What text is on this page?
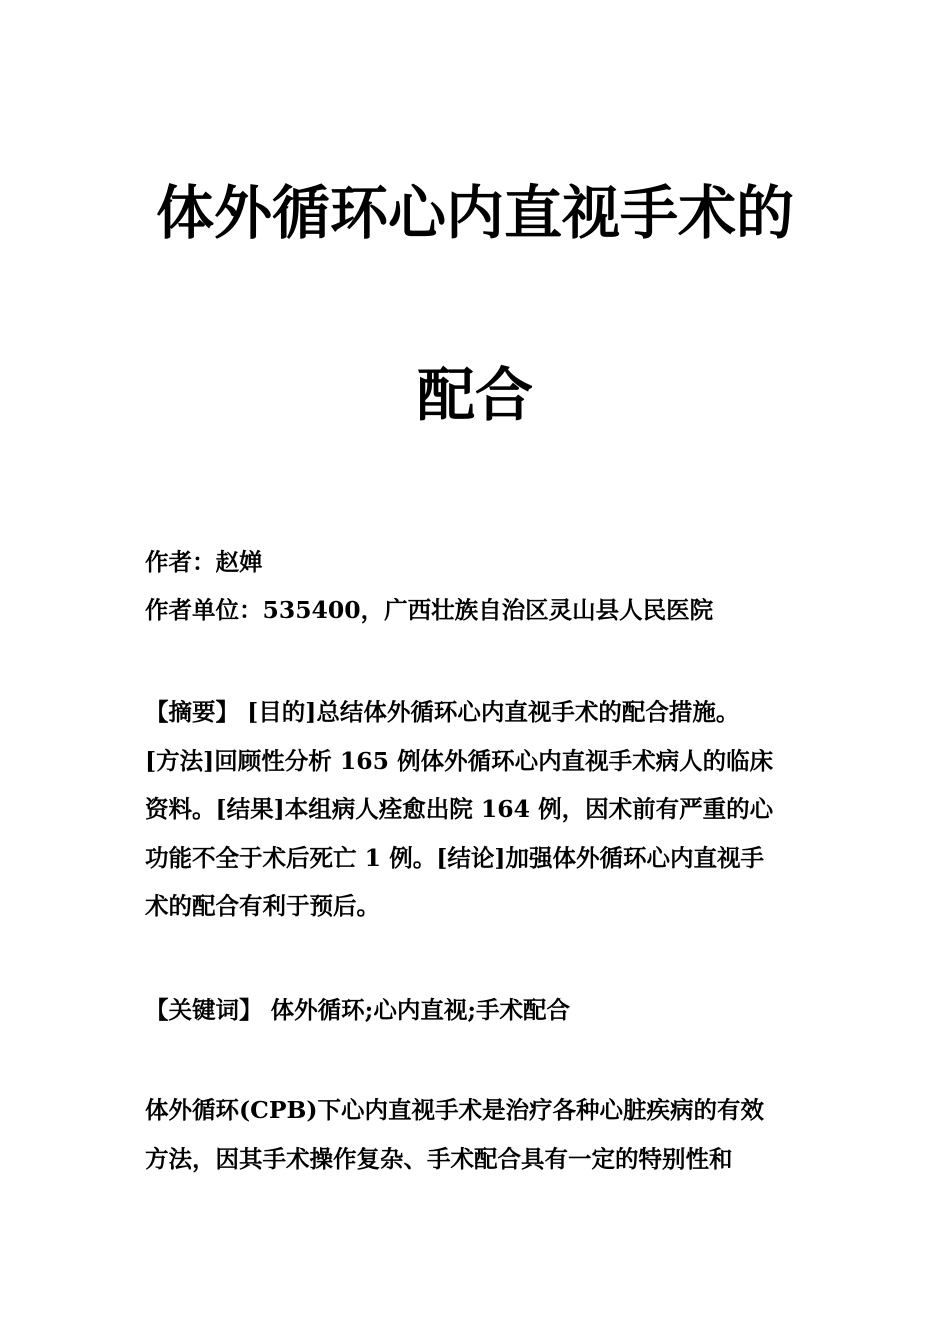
体外循环心内直视手术的
配合
作者：赵婵
作者单位：535400，广西壮族自治区灵山县人民医院
【摘要】 [目的]总结体外循环心内直视手术的配合措施。
[方法]回顾性分析 165 例体外循环心内直视手术病人的临床
资料。[结果]本组病人痊愈出院 164 例，因术前有严重的心
功能不全于术后死亡 1 例。[结论]加强体外循环心内直视手
术的配合有利于预后。
【关键词】 体外循环;心内直视;手术配合
体外循环(CPB)下心内直视手术是治疗各种心脏疾病的有效
方法，因其手术操作复杂、手术配合具有一定的特别性和
